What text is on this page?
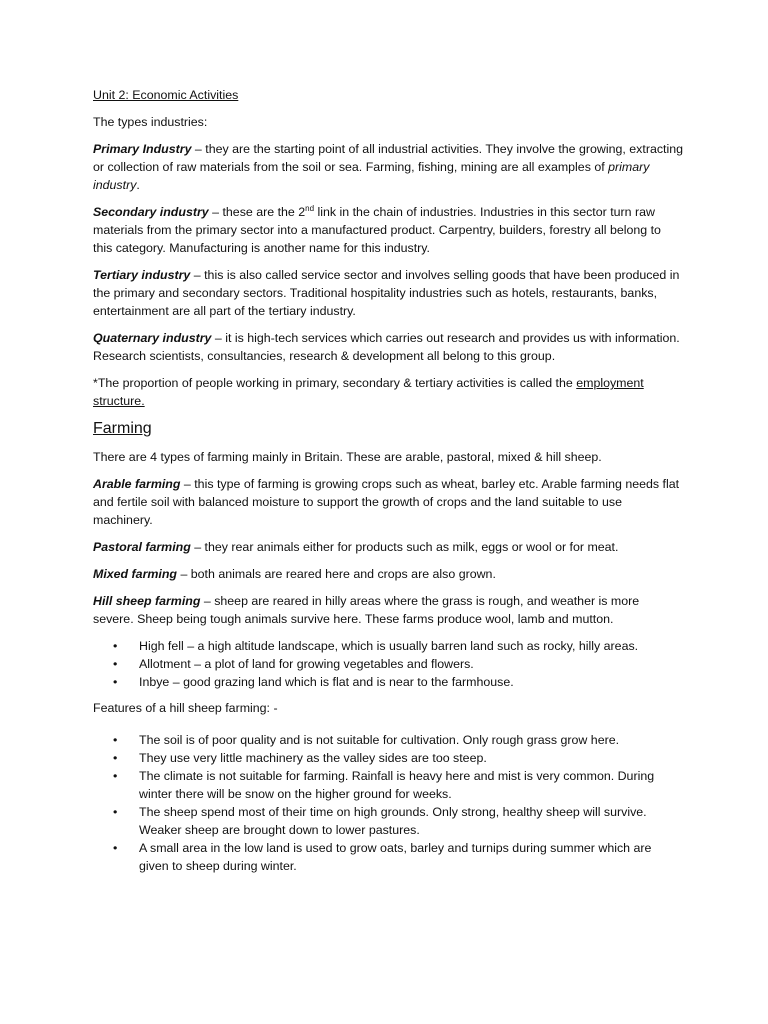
Unit 2: Economic Activities

The types industries:

Primary Industry – they are the starting point of all industrial activities. They involve the growing, extracting or collection of raw materials from the soil or sea. Farming, fishing, mining are all examples of primary industry.

Secondary industry – these are the 2nd link in the chain of industries. Industries in this sector turn raw materials from the primary sector into a manufactured product. Carpentry, builders, forestry all belong to this category. Manufacturing is another name for this industry.

Tertiary industry – this is also called service sector and involves selling goods that have been produced in the primary and secondary sectors. Traditional hospitality industries such as hotels, restaurants, banks, entertainment are all part of the tertiary industry.

Quaternary industry – it is high-tech services which carries out research and provides us with information. Research scientists, consultancies, research & development all belong to this group.

*The proportion of people working in primary, secondary & tertiary activities is called the employment structure.

Farming

There are 4 types of farming mainly in Britain. These are arable, pastoral, mixed & hill sheep.

Arable farming – this type of farming is growing crops such as wheat, barley etc. Arable farming needs flat and fertile soil with balanced moisture to support the growth of crops and the land suitable to use machinery.

Pastoral farming – they rear animals either for products such as milk, eggs or wool or for meat.

Mixed farming – both animals are reared here and crops are also grown.

Hill sheep farming – sheep are reared in hilly areas where the grass is rough, and weather is more severe. Sheep being tough animals survive here. These farms produce wool, lamb and mutton.

• High fell – a high altitude landscape, which is usually barren land such as rocky, hilly areas.
• Allotment – a plot of land for growing vegetables and flowers.
• Inbye – good grazing land which is flat and is near to the farmhouse.

Features of a hill sheep farming: -

• The soil is of poor quality and is not suitable for cultivation. Only rough grass grow here.
• They use very little machinery as the valley sides are too steep.
• The climate is not suitable for farming. Rainfall is heavy here and mist is very common. During winter there will be snow on the higher ground for weeks.
• The sheep spend most of their time on high grounds. Only strong, healthy sheep will survive. Weaker sheep are brought down to lower pastures.
• A small area in the low land is used to grow oats, barley and turnips during summer which are given to sheep during winter.
